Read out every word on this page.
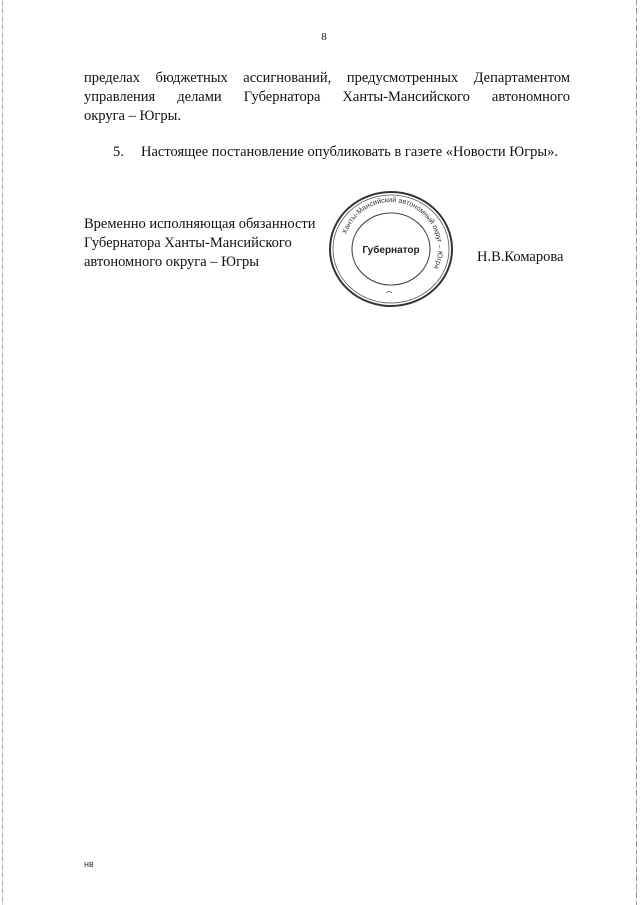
8
пределах бюджетных ассигнований, предусмотренных Департаментом
управления делами Губернатора Ханты-Мансийского автономного
округа – Югры.
5. Настоящее постановление опубликовать в газете «Новости Югры».
Временно исполняющая обязанности
Губернатора Ханты-Мансийского
автономного округа – Югры
Ханты-Мансийский автономный округ – Югра
Губернатор	Н.В.Комарова
нв
